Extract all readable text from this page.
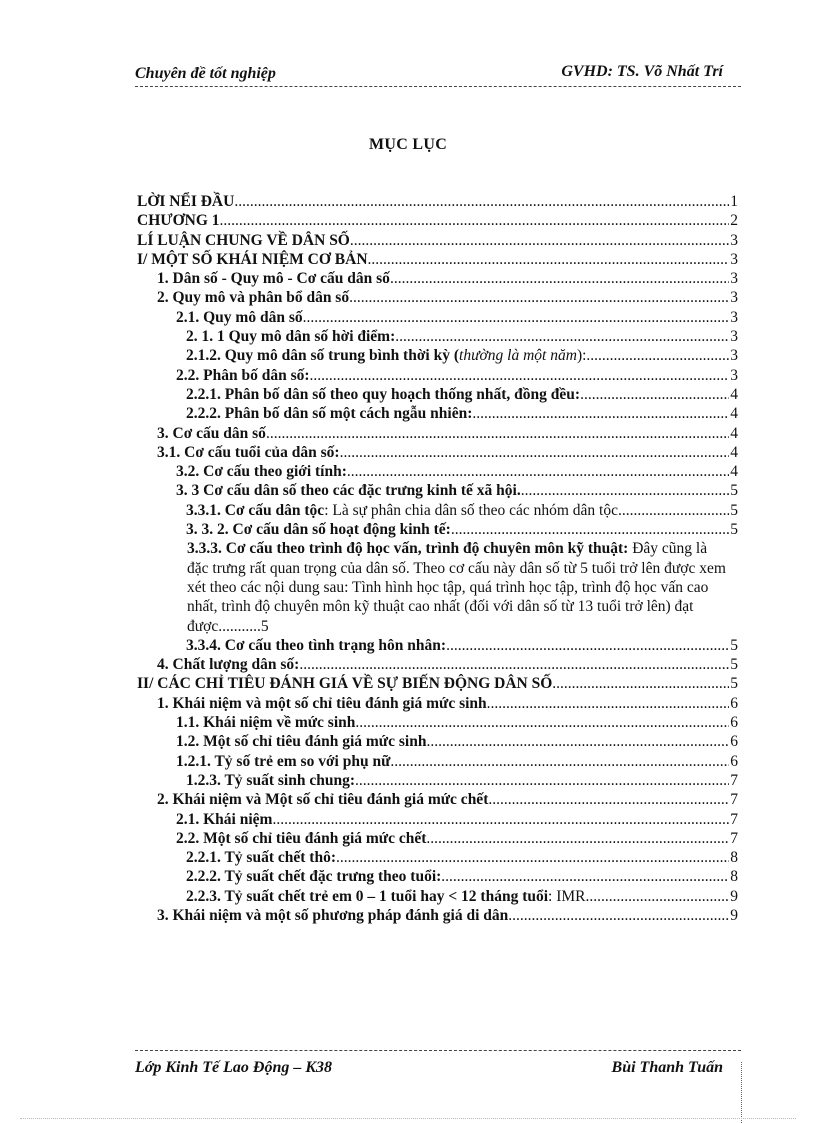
Chuyên đề tốt nghiệp	GVHD: TS. Võ Nhất Trí
MỤC LỤC
LỜI NỂI ĐẦU .....	1
CHƯƠNG 1 .....	2
LÍ LUẬN CHUNG VỀ DÂN SỐ .....	3
I/ MỘT SỐ KHÁI NIỆM CƠ BẢN .....	3
1. Dân số - Quy mô - Cơ cấu dân số .....	3
2. Quy mô và phân bổ dân số .....	3
2.1. Quy mô dân số .....	3
2. 1. 1 Quy mô dân số hời điểm: .....	3
2.1.2. Quy mô dân số trung bình thời kỳ (thường là một năm): .....	3
2.2. Phân bố dân số: .....	3
2.2.1. Phân bố dân số theo quy hoạch thống nhất, đồng đều: .....	4
2.2.2. Phân bố dân số một cách ngẫu nhiên: .....	4
3. Cơ cấu dân số .....	4
3.1. Cơ cấu tuổi của dân số: .....	4
3.2. Cơ cấu theo giới tính: .....	4
3. 3 Cơ cấu dân số theo các đặc trưng kinh tế xã hội. .....	5
3.3.1. Cơ cấu dân tộc: Là sự phân chia dân số theo các nhóm dân tộc. .....	5
3. 3. 2. Cơ cấu dân số hoạt động kinh tế: .....	5
3.3.3. Cơ cấu theo trình độ học vấn, trình độ chuyên môn kỹ thuật: Đây cũng là đặc trưng rất quan trọng của dân số. Theo cơ cấu này dân số từ 5 tuổi trở lên được xem xét theo các nội dung sau: Tình hình học tập, quá trình học tập, trình độ học vấn cao nhất, trình độ chuyên môn kỹ thuật cao nhất (đối với dân số từ 13 tuổi trở lên) đạt được...........5
3.3.4. Cơ cấu theo tình trạng hôn nhân: .....	5
4. Chất lượng dân số: .....	5
II/ CÁC CHỈ TIÊU ĐÁNH GIÁ VỀ SỰ BIẾN ĐỘNG DÂN SỐ .....	5
1. Khái niệm và một số chỉ tiêu đánh giá mức sinh .....	6
1.1. Khái niệm về mức sinh .....	6
1.2. Một số chỉ tiêu đánh giá mức sinh .....	6
1.2.1. Tỷ số trẻ em so với phụ nữ .....	6
1.2.3. Tỷ suất sinh chung: .....	7
2. Khái niệm và Một số chỉ tiêu đánh giá mức chết .....	7
2.1. Khái niệm .....	7
2.2. Một số chỉ tiêu đánh giá mức chết .....	7
2.2.1. Tỷ suất chết thô: .....	8
2.2.2. Tỷ suất chết đặc trưng theo tuổi: .....	8
2.2.3. Tỷ suất chết trẻ em 0 – 1 tuổi hay < 12 tháng tuổi: IMR .....	9
3. Khái niệm và một số phương pháp đánh giá di dân .....	9
Lớp Kinh Tế Lao Động – K38	Bùi Thanh Tuấn
